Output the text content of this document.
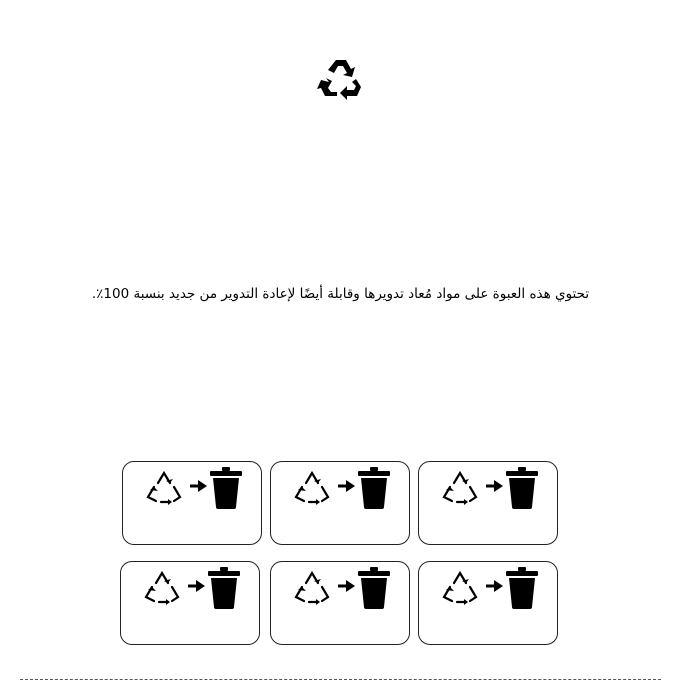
تحتوي هذه العبوة على مواد مُعاد تدويرها وقابلة أيضًا لإعادة التدوير من جديد بنسبة 100٪.
